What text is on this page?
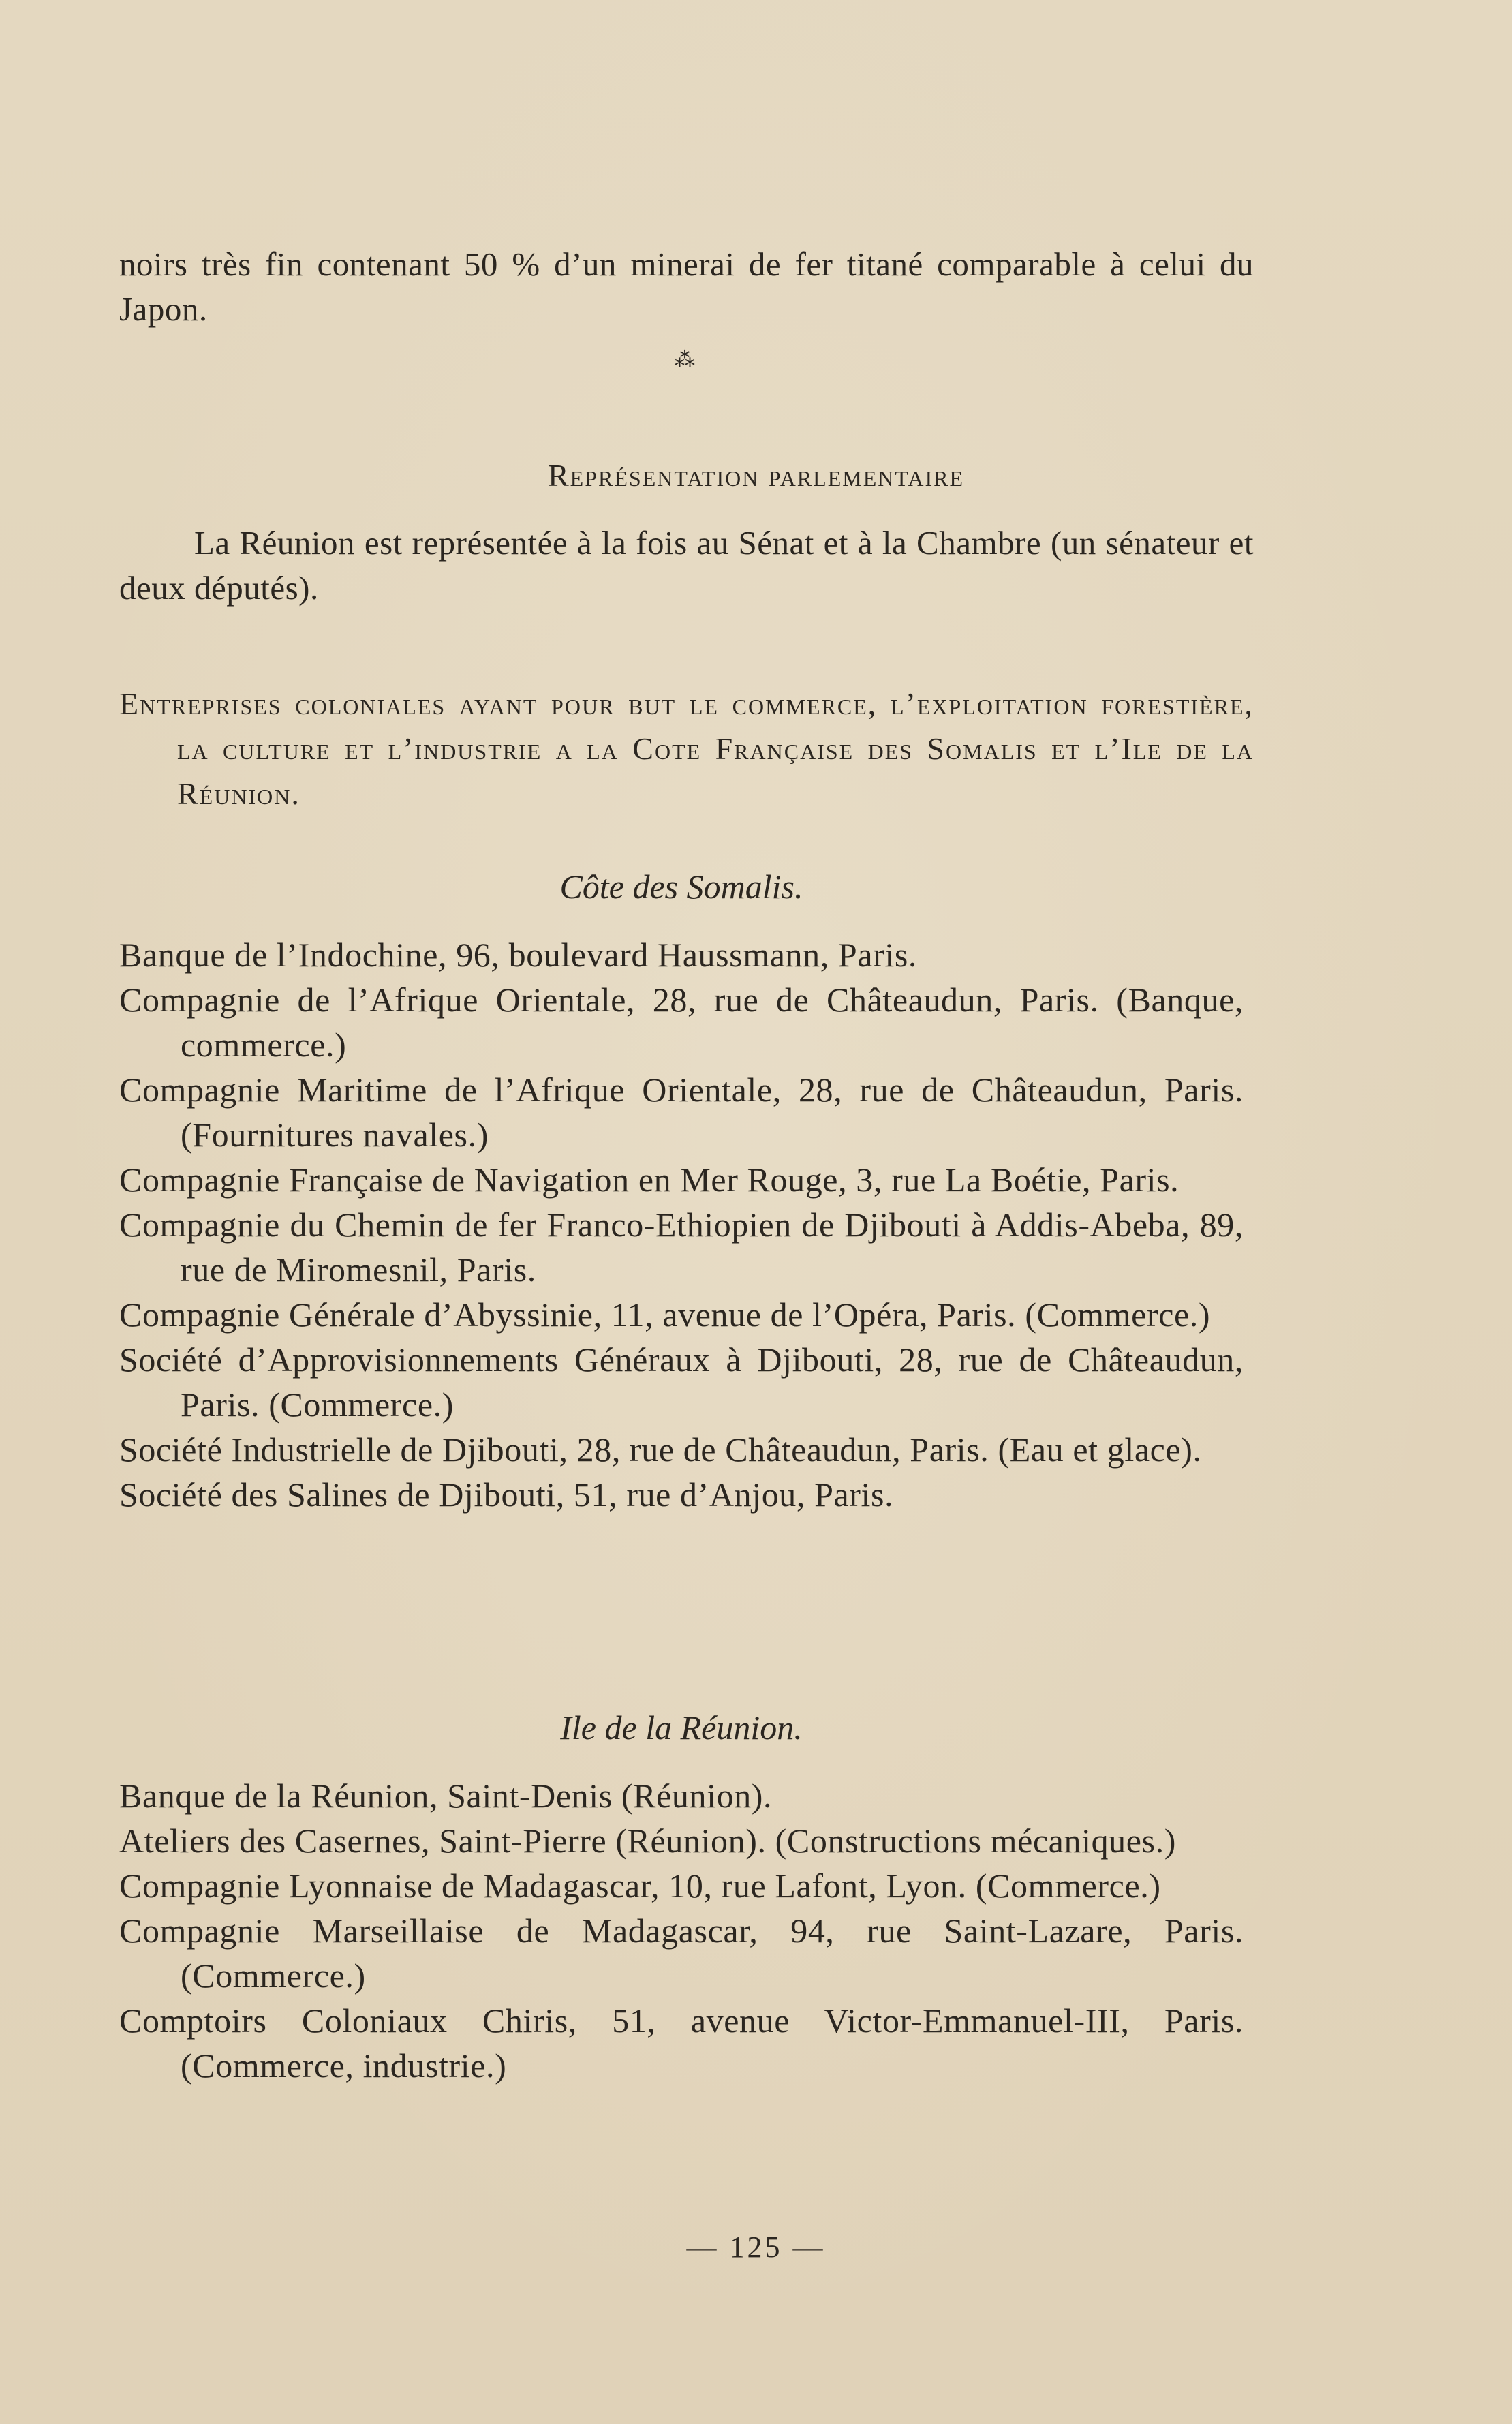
noirs très fin contenant 50 % d’un minerai de fer titané comparable à celui du Japon.

⁂
Représentation parlementaire

La Réunion est représentée à la fois au Sénat et à la Chambre (un sénateur et deux députés).

Entreprises coloniales ayant pour but le commerce, l’exploitation forestière, la culture et l’industrie a la Cote Française des Somalis et l’Ile de la Réunion.

Côte des Somalis.
Banque de l’Indochine, 96, boulevard Haussmann, Paris.
Compagnie de l’Afrique Orientale, 28, rue de Châteaudun, Paris. (Banque, commerce.)
Compagnie Maritime de l’Afrique Orientale, 28, rue de Châteaudun, Paris. (Fournitures navales.)
Compagnie Française de Navigation en Mer Rouge, 3, rue La Boétie, Paris.
Compagnie du Chemin de fer Franco-Ethiopien de Djibouti à Addis-Abeba, 89, rue de Miromesnil, Paris.
Compagnie Générale d’Abyssinie, 11, avenue de l’Opéra, Paris. (Commerce.)
Société d’Approvisionnements Généraux à Djibouti, 28, rue de Châteaudun, Paris. (Commerce.)
Société Industrielle de Djibouti, 28, rue de Châteaudun, Paris. (Eau et glace).
Société des Salines de Djibouti, 51, rue d’Anjou, Paris.
Ile de la Réunion.
Banque de la Réunion, Saint-Denis (Réunion).
Ateliers des Casernes, Saint-Pierre (Réunion). (Constructions mécaniques.)
Compagnie Lyonnaise de Madagascar, 10, rue Lafont, Lyon. (Commerce.)
Compagnie Marseillaise de Madagascar, 94, rue Saint-Lazare, Paris. (Commerce.)
Comptoirs Coloniaux Chiris, 51, avenue Victor-Emmanuel-III, Paris. (Commerce, industrie.)
— 125 —
